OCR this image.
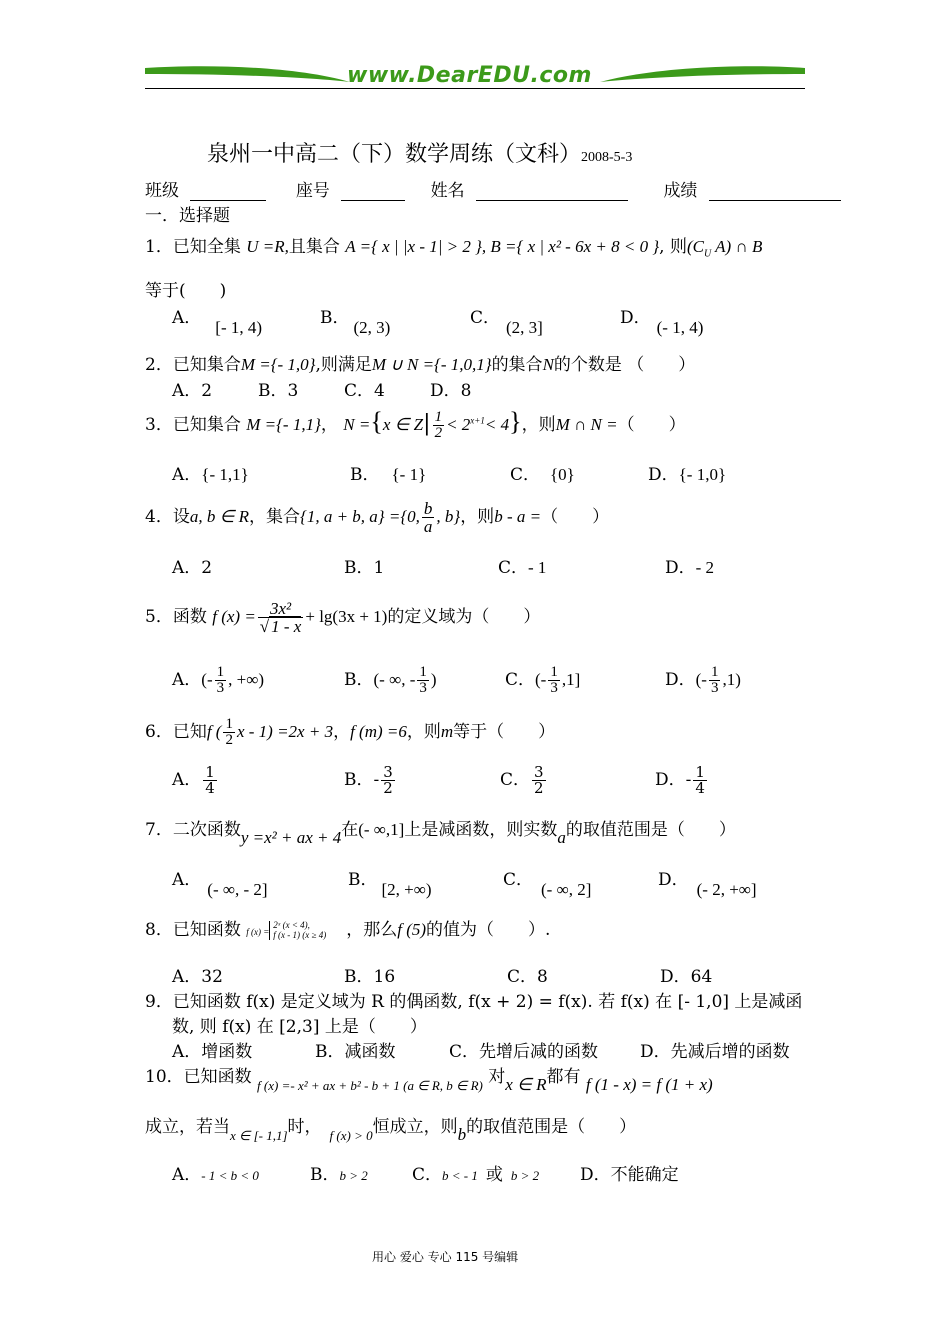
www.DearEDU.com
泉州一中高二（下）数学周练（文科）2008-5-3
班级	座号	姓名	成绩
一．选择题
1．已知全集 U =R,且集合 A ={ x | |x - 1| > 2 }, B ={ x | x² - 6x + 8 < 0 }, 则($C_U$ A) ∩ B
等于(　　)
A． [- 1, 4)	B． (2, 3)	C． (2, 3]	D． (- 1, 4)
2．已知集合M ={- 1,0},则满足M ∪ N ={- 1,0,1}的集合N的个数是 （　　）
A．2	B．3	C．4	D．8
3．已知集合 M ={- 1,1}， N ={x ∈ $Z| \frac{1}{2} < 2^{x+1}< 4$}，则M ∩ N =（　　）
A．{- 1,1}	B． {- 1}	C． {0}	D．{- 1,0}
4．设a, b ∈ R，集合{1, a + b, a} ={0, $\frac{b}{a}$ , b}，则b - a =（　　）
A．2	B．1	C．- 1	D．- 2
5．函数 f $(x) = \frac{\text{3x²}}{√ 1 - x} + \lg(3x + 1)$的定义域为（　　）
A．(- $\frac{1}{3}$ , +∞)	B．(- ∞, - $\frac{1}{3}$ )	C．(- $\frac{1}{3} ,1$]	D．(- $\frac{1}{3} ,1$)
6．已知f ( $\frac{1}{2}$ x - 1) =2x + 3，f (m) =6，则m等于（　　）
A． $\frac{1}{4}$	B．- $\frac{3}{2}$	C． $\frac{3}{2}$	D．- $\frac{1}{4}$
7．二次函数y =x² + ax + 4在(- ∞,1]上是减函数，则实数a的取值范围是（　　）
A． (- ∞, - 2]	B． [2, +∞)	C． (- ∞, 2]	D． (- 2, +∞]
8．已知函数 f (x) =
2ˣ (x < 4),
f (x - 1) (x ≥ 4) ，那么f (5)的值为（　　）.
A．32	B．16	C．8	D．64
9．已知函数 f(x) 是定义域为 R 的偶函数, f(x + 2) = f(x). 若 f(x) 在 [- 1,0] 上是减函
数, 则 f(x) 在 [2,3] 上是（　　）
A．增函数	B．减函数	C．先增后减的函数 D．先减后增的函数
10．已知函数 $_{f (x) =- x^2 + ax + b^2 - b + 1 (a \in R, b \in R)}$ 对x ∈ R都有 f (1 - x) = f (1 + x)
成立，若当$_{x \in [- 1,1]}$时， $_{f (x) > 0}$恒成立，则b的取值范围是（　　）
A．- 1 < b < 0	B．b > 2	C．b < - 1 或 b > 2 D．不能确定
用心 爱心 专心 115 号编辑
